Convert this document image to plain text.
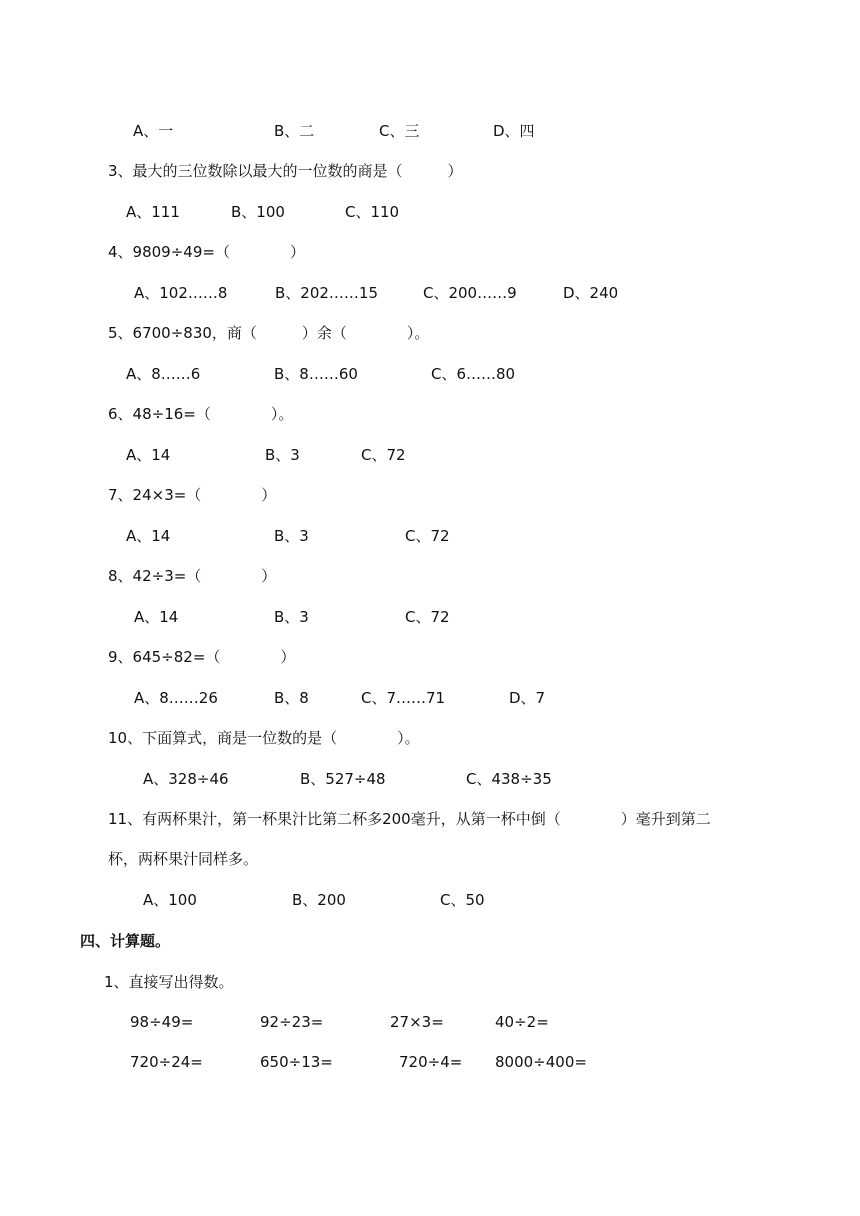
A、一	B、二	C、三	D、四
3、最大的三位数除以最大的一位数的商是（　　　）
A、111	B、100	C、110
4、9809÷49=（　　　　）
A、102……8	B、202……15	C、200……9	D、240
5、6700÷830，商（　　　）余（　　　　）。
A、8……6	B、8……60	C、6……80
6、48÷16=（　　　　）。
A、14	B、3	C、72
7、24×3=（　　　　）
A、14	B、3	C、72
8、42÷3=（　　　　）
A、14	B、3	C、72
9、645÷82=（　　　　）
A、8……26	B、8	C、7……71	D、7
10、下面算式，商是一位数的是（　　　　）。
A、328÷46	B、527÷48	C、438÷35
11、有两杯果汁，第一杯果汁比第二杯多200毫升，从第一杯中倒（　　　　）毫升到第二
杯，两杯果汁同样多。
A、100	B、200	C、50
四、计算题。
1、直接写出得数。
98÷49=	92÷23=	27×3=	40÷2=
720÷24=	650÷13=	720÷4= 8000÷400=
